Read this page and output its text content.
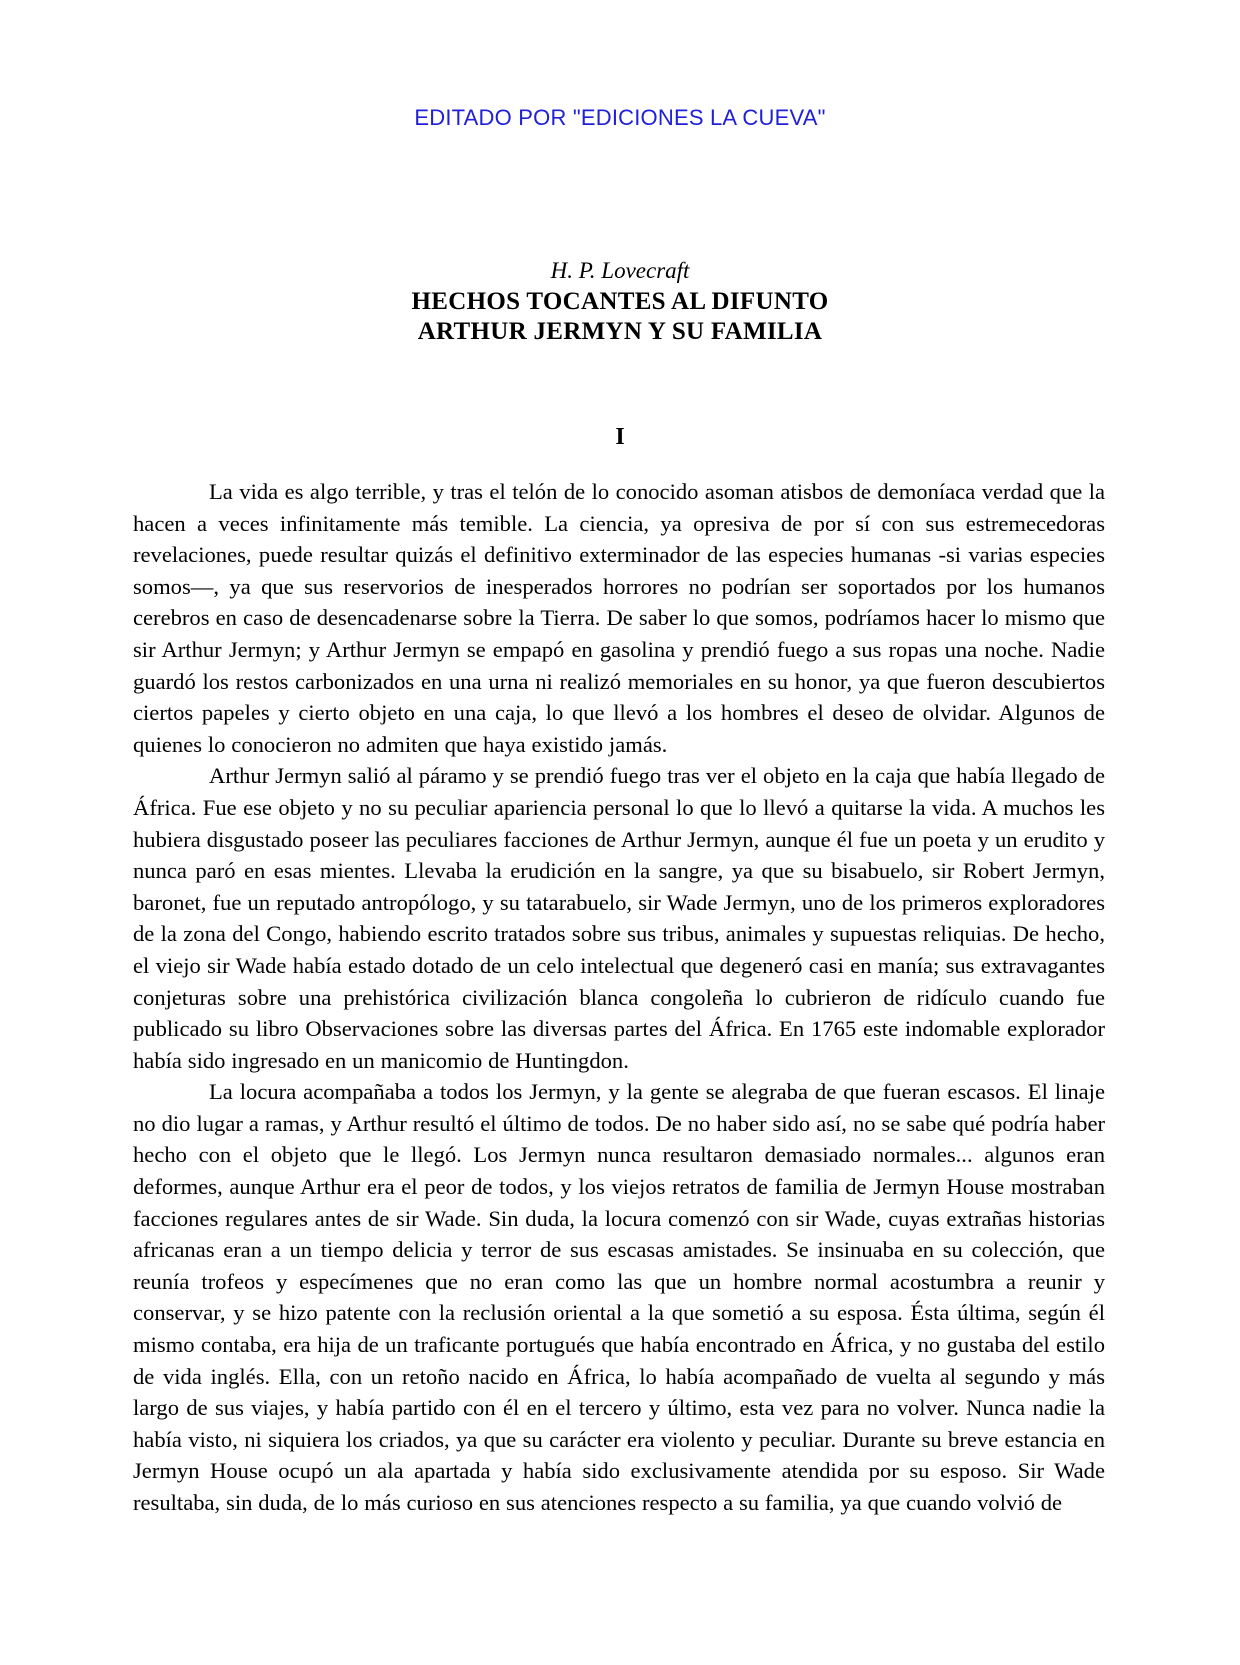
EDITADO POR "EDICIONES LA CUEVA"
H. P. Lovecraft
HECHOS TOCANTES AL DIFUNTO
ARTHUR JERMYN Y SU FAMILIA
I

La vida es algo terrible, y tras el telón de lo conocido asoman atisbos de demoníaca verdad que la hacen a veces infinitamente más temible. La ciencia, ya opresiva de por sí con sus estremecedoras revelaciones, puede resultar quizás el definitivo exterminador de las especies humanas -si varias especies somos—, ya que sus reservorios de inesperados horrores no podrían ser soportados por los humanos cerebros en caso de desencadenarse sobre la Tierra. De saber lo que somos, podríamos hacer lo mismo que sir Arthur Jermyn; y Arthur Jermyn se empapó en gasolina y prendió fuego a sus ropas una noche. Nadie guardó los restos carbonizados en una urna ni realizó memoriales en su honor, ya que fueron descubiertos ciertos papeles y cierto objeto en una caja, lo que llevó a los hombres el deseo de olvidar. Algunos de quienes lo conocieron no admiten que haya existido jamás.

Arthur Jermyn salió al páramo y se prendió fuego tras ver el objeto en la caja que había llegado de África. Fue ese objeto y no su peculiar apariencia personal lo que lo llevó a quitarse la vida. A muchos les hubiera disgustado poseer las peculiares facciones de Arthur Jermyn, aunque él fue un poeta y un erudito y nunca paró en esas mientes. Llevaba la erudición en la sangre, ya que su bisabuelo, sir Robert Jermyn, baronet, fue un reputado antropólogo, y su tatarabuelo, sir Wade Jermyn, uno de los primeros exploradores de la zona del Congo, habiendo escrito tratados sobre sus tribus, animales y supuestas reliquias. De hecho, el viejo sir Wade había estado dotado de un celo intelectual que degeneró casi en manía; sus extravagantes conjeturas sobre una prehistórica civilización blanca congoleña lo cubrieron de ridículo cuando fue publicado su libro Observaciones sobre las diversas partes del África. En 1765 este indomable explorador había sido ingresado en un manicomio de Huntingdon.

La locura acompañaba a todos los Jermyn, y la gente se alegraba de que fueran escasos. El linaje no dio lugar a ramas, y Arthur resultó el último de todos. De no haber sido así, no se sabe qué podría haber hecho con el objeto que le llegó. Los Jermyn nunca resultaron demasiado normales... algunos eran deformes, aunque Arthur era el peor de todos, y los viejos retratos de familia de Jermyn House mostraban facciones regulares antes de sir Wade. Sin duda, la locura comenzó con sir Wade, cuyas extrañas historias africanas eran a un tiempo delicia y terror de sus escasas amistades. Se insinuaba en su colección, que reunía trofeos y especímenes que no eran como las que un hombre normal acostumbra a reunir y conservar, y se hizo patente con la reclusión oriental a la que sometió a su esposa. Ésta última, según él mismo contaba, era hija de un traficante portugués que había encontrado en África, y no gustaba del estilo de vida inglés. Ella, con un retoño nacido en África, lo había acompañado de vuelta al segundo y más largo de sus viajes, y había partido con él en el tercero y último, esta vez para no volver. Nunca nadie la había visto, ni siquiera los criados, ya que su carácter era violento y peculiar. Durante su breve estancia en Jermyn House ocupó un ala apartada y había sido exclusivamente atendida por su esposo. Sir Wade resultaba, sin duda, de lo más curioso en sus atenciones respecto a su familia, ya que cuando volvió de
